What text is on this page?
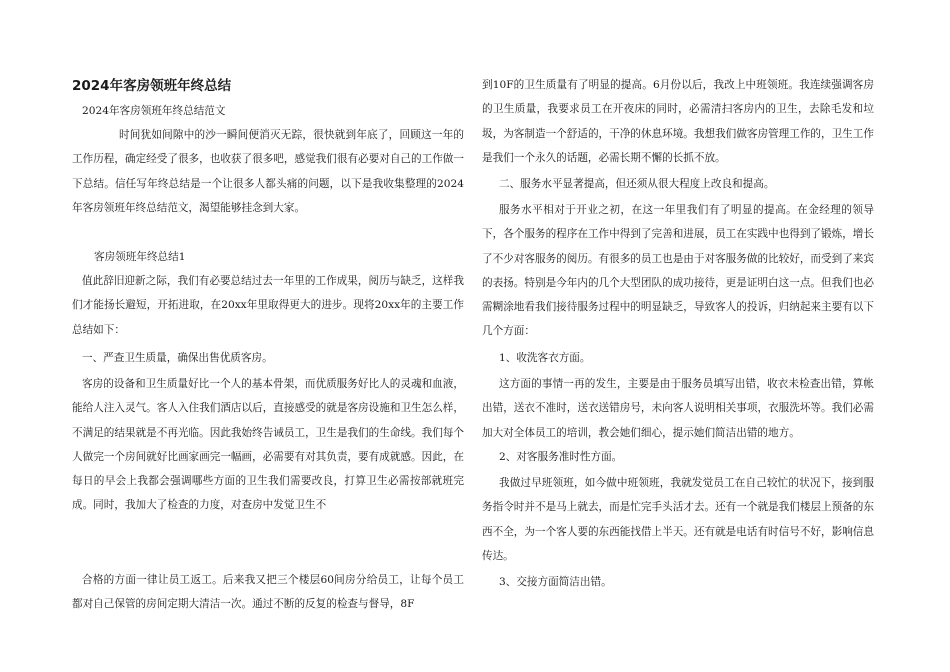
2024年客房领班年终总结

2024年客房领班年终总结范文

时间犹如间隙中的沙一瞬间便消灭无踪，很快就到年底了，回顾这一年的工作历程，确定经受了很多，也收获了很多吧，感觉我们很有必要对自己的工作做一下总结。信任写年终总结是一个让很多人都头痛的问题，以下是我收集整理的2024年客房领班年终总结范文，渴望能够挂念到大家。

客房领班年终总结1

值此辞旧迎新之际，我们有必要总结过去一年里的工作成果，阅历与缺乏，这样我们才能扬长避短，开拓进取，在20xx年里取得更大的进步。现将20xx年的主要工作总结如下：

一、严查卫生质量，确保出售优质客房。

客房的设备和卫生质量好比一个人的基本骨架，而优质服务好比人的灵魂和血液，能给人注入灵气。客人入住我们酒店以后，直接感受的就是客房设施和卫生怎么样，不满足的结果就是不再光临。因此我始终告诫员工，卫生是我们的生命线。我们每个人做完一个房间就好比画家画完一幅画，必需要有对其负责，要有成就感。因此，在每日的早会上我都会强调哪些方面的卫生我们需要改良，打算卫生必需按部就班完成。同时，我加大了检查的力度，对查房中发觉卫生不

合格的方面一律让员工返工。后来我又把三个楼层60间房分给员工，让每个员工都对自己保管的房间定期大清洁一次。通过不断的反复的检查与督导，8F

到10F的卫生质量有了明显的提高。6月份以后，我改上中班领班。我连续强调客房的卫生质量，我要求员工在开夜床的同时，必需清扫客房内的卫生，去除毛发和垃圾，为客制造一个舒适的，干净的休息环境。我想我们做客房管理工作的，卫生工作是我们一个永久的话题，必需长期不懈的长抓不放。

二、服务水平显著提高，但还须从很大程度上改良和提高。

服务水平相对于开业之初，在这一年里我们有了明显的提高。在金经理的领导下，各个服务的程序在工作中得到了完善和进展，员工在实践中也得到了锻炼，增长了不少对客服务的阅历。有很多的员工也是由于对客服务做的比较好，而受到了来宾的表扬。特别是今年内的几个大型团队的成功接待，更是证明白这一点。但我们也必需糊涂地看我们接待服务过程中的明显缺乏，导致客人的投诉，归纳起来主要有以下几个方面：

1、收洗客衣方面。

这方面的事情一再的发生，主要是由于服务员填写出错，收衣未检查出错，算帐出错，送衣不准时，送衣送错房号，未向客人说明相关事项，衣服洗坏等。我们必需加大对全体员工的培训，教会她们细心，提示她们简洁出错的地方。

2、对客服务准时性方面。

我做过早班领班，如今做中班领班，我就发觉员工在自己较忙的状况下，接到服务指令时并不是马上就去，而是忙完手头活才去。还有一个就是我们楼层上预备的东西不全，为一个客人要的东西能找借上半天。还有就是电话有时信号不好，影响信息传达。

3、交接方面简洁出错。
